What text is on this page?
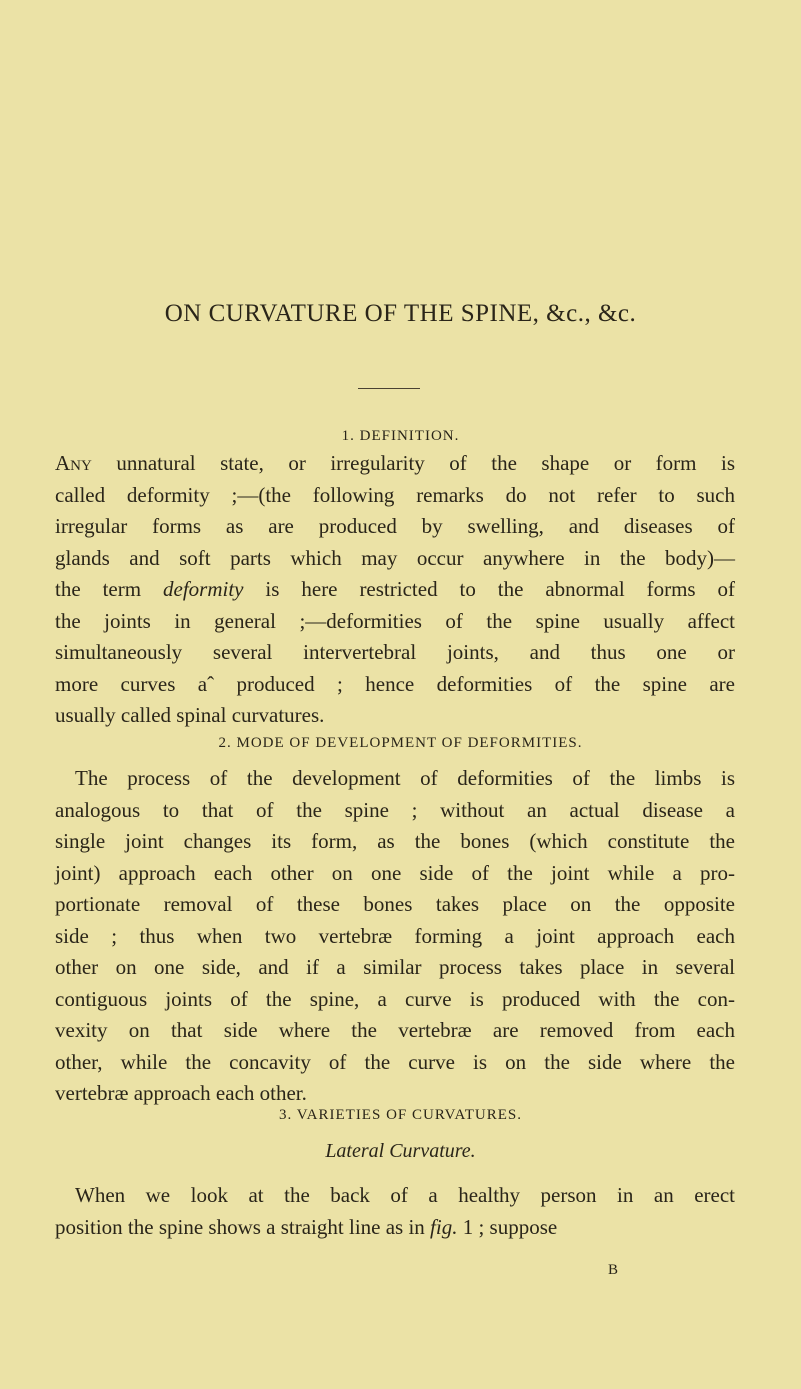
ON CURVATURE OF THE SPINE, &c., &c.
1. DEFINITION.
Any unnatural state, or irregularity of the shape or form is
called deformity ;—(the following remarks do not refer to such
irregular forms as are produced by swelling, and diseases of
glands and soft parts which may occur anywhere in the body)—
the term deformity is here restricted to the abnormal forms of
the joints in general ;—deformities of the spine usually affect
simultaneously several intervertebral joints, and thus one or
more curves aˆ produced ; hence deformities of the spine are
usually called spinal curvatures.
2. MODE OF DEVELOPMENT OF DEFORMITIES.
The process of the development of deformities of the limbs is
analogous to that of the spine ; without an actual disease a
single joint changes its form, as the bones (which constitute the
joint) approach each other on one side of the joint while a pro-
portionate removal of these bones takes place on the opposite
side ; thus when two vertebræ forming a joint approach each
other on one side, and if a similar process takes place in several
contiguous joints of the spine, a curve is produced with the con-
vexity on that side where the vertebræ are removed from each
other, while the concavity of the curve is on the side where the
vertebræ approach each other.
3. VARIETIES OF CURVATURES.
Lateral Curvature.
When we look at the back of a healthy person in an erect
position the spine shows a straight line as in fig. 1 ; suppose
B
